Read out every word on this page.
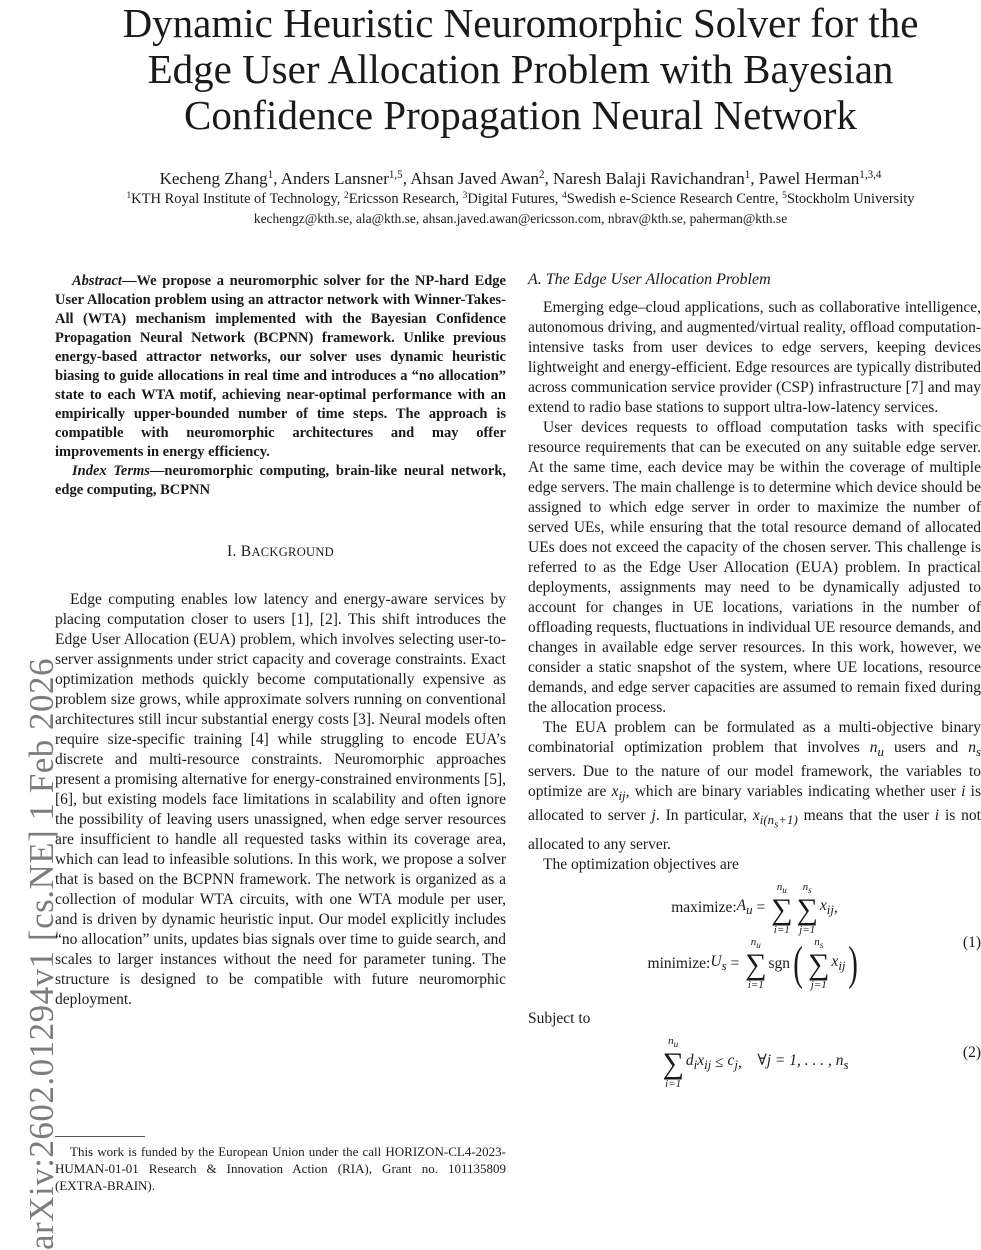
arXiv:2602.01294v1 [cs.NE] 1 Feb 2026
Dynamic Heuristic Neuromorphic Solver for the
Edge User Allocation Problem with Bayesian
Confidence Propagation Neural Network
Kecheng Zhang$^1$, Anders Lansner$^{1,5}$, Ahsan Javed Awan$^2$, Naresh Balaji Ravichandran$^1$, Pawel Herman$^{1,3,4}$
$^1$KTH Royal Institute of Technology, $^2$Ericsson Research, $^3$Digital Futures, $^4$Swedish e-Science Research Centre, $^5$Stockholm University
kechengz@kth.se, ala@kth.se, ahsan.javed.awan@ericsson.com, nbrav@kth.se, paherman@kth.se

Abstract—We propose a neuromorphic solver for the NP-hard Edge User Allocation problem using an attractor network with Winner-Takes-All (WTA) mechanism implemented with the Bayesian Confidence Propagation Neural Network (BCPNN) framework. Unlike previous energy-based attractor networks, our solver uses dynamic heuristic biasing to guide allocations in real time and introduces a “no allocation” state to each WTA motif, achieving near-optimal performance with an empirically upper-bounded number of time steps. The approach is compatible with neuromorphic architectures and may offer improvements in energy efficiency.

Index Terms—neuromorphic computing, brain-like neural network, edge computing, BCPNN

I. BACKGROUND

Edge computing enables low latency and energy-aware services by placing computation closer to users [1], [2]. This shift introduces the Edge User Allocation (EUA) problem, which involves selecting user-to-server assignments under strict capacity and coverage constraints. Exact optimization methods quickly become computationally expensive as problem size grows, while approximate solvers running on conventional architectures still incur substantial energy costs [3]. Neural models often require size-specific training [4] while struggling to encode EUA’s discrete and multi-resource constraints. Neuromorphic approaches present a promising alternative for energy-constrained environments [5], [6], but existing models face limitations in scalability and often ignore the possibility of leaving users unassigned, when edge server resources are insufficient to handle all requested tasks within its coverage area, which can lead to infeasible solutions. In this work, we propose a solver that is based on the BCPNN framework. The network is organized as a collection of modular WTA circuits, with one WTA module per user, and is driven by dynamic heuristic input. Our model explicitly includes “no allocation” units, updates bias signals over time to guide search, and scales to larger instances without the need for parameter tuning. The structure is designed to be compatible with future neuromorphic deployment.

This work is funded by the European Union under the call HORIZON-CL4-2023-HUMAN-01-01 Research & Innovation Action (RIA), Grant no. 101135809 (EXTRA-BRAIN).
A. The Edge User Allocation Problem

Emerging edge–cloud applications, such as collaborative intelligence, autonomous driving, and augmented/virtual reality, offload computation-intensive tasks from user devices to edge servers, keeping devices lightweight and energy-efficient. Edge resources are typically distributed across communication service provider (CSP) infrastructure [7] and may extend to radio base stations to support ultra-low-latency services.

User devices requests to offload computation tasks with specific resource requirements that can be executed on any suitable edge server. At the same time, each device may be within the coverage of multiple edge servers. The main challenge is to determine which device should be assigned to which edge server in order to maximize the number of served UEs, while ensuring that the total resource demand of allocated UEs does not exceed the capacity of the chosen server. This challenge is referred to as the Edge User Allocation (EUA) problem. In practical deployments, assignments may need to be dynamically adjusted to account for changes in UE locations, variations in the number of offloading requests, fluctuations in individual UE resource demands, and changes in available edge server resources. In this work, however, we consider a static snapshot of the system, where UE locations, resource demands, and edge server capacities are assumed to remain fixed during the allocation process.

The EUA problem can be formulated as a multi-objective binary combinatorial optimization problem that involves $n_u$ users and $n_s$ servers. Due to the nature of our model framework, the variables to optimize are $x_{ij}$, which are binary variables indicating whether user i is allocated to server j. In particular, $x_{i(n_s+1)}$ means that the user i is not allocated to any server.

The optimization objectives are

maximize: $A_u$ =
$n_u$
∑
i=1
$n_s$
∑
j=1
$x_{ij}$ ,
(1)
minimize: $U_s$ =
$n_u$
∑
i=1
sgn ( $n_s$
∑
j=1
$x_{ij}$ )
Subject to
$n_u$
∑
i=1
$d_ix_{ij} \le c_j$ , ∀j = 1, . . . , $n_s$
(2)
